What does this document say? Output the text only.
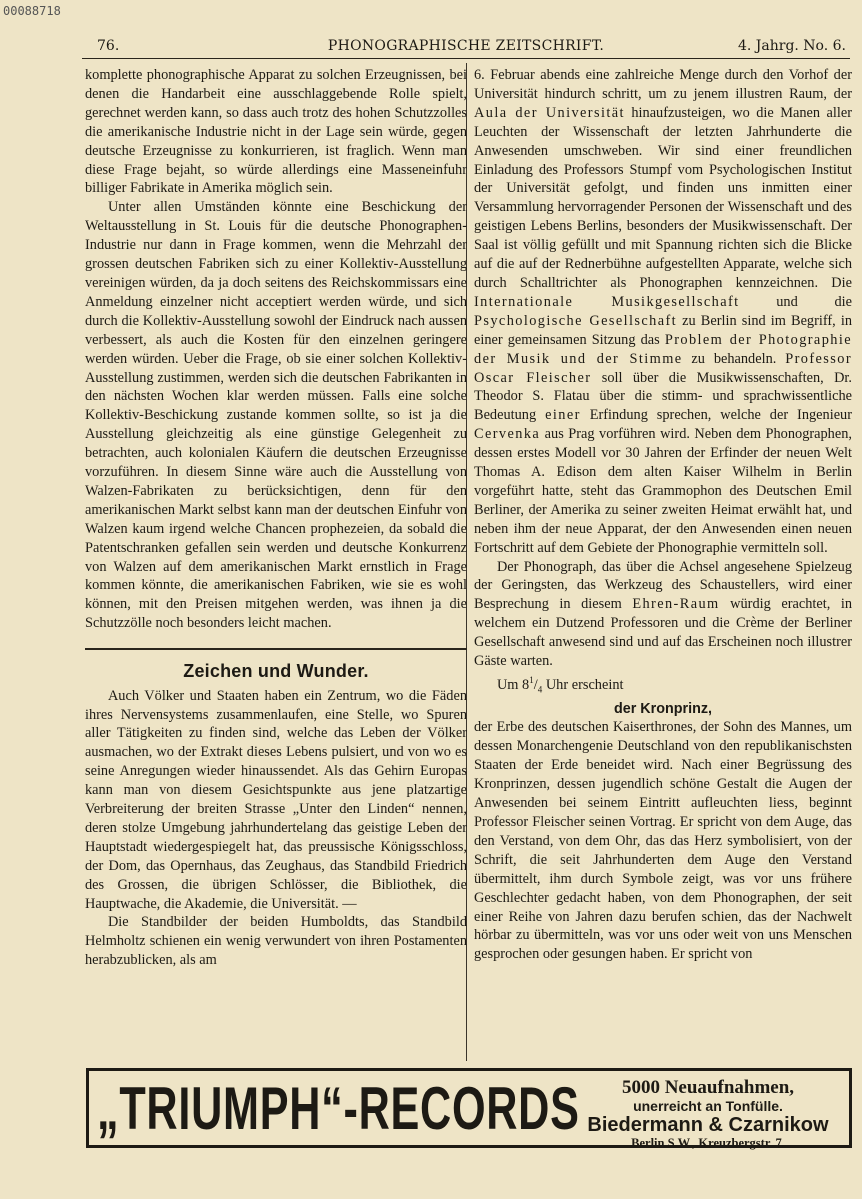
00088718
76.	PHONOGRAPHISCHE ZEITSCHRIFT.	4. Jahrg. No. 6.

komplette phonographische Apparat zu solchen Erzeugnissen, bei denen die Handarbeit eine ausschlaggebende Rolle spielt, gerechnet werden kann, so dass auch trotz des hohen Schutzzolles die amerikanische Industrie nicht in der Lage sein würde, gegen deutsche Erzeugnisse zu konkurrieren, ist fraglich. Wenn man diese Frage bejaht, so würde allerdings eine Masseneinfuhr billiger Fabrikate in Amerika möglich sein.

Unter allen Umständen könnte eine Beschickung der Weltausstellung in St. Louis für die deutsche Phonographen-Industrie nur dann in Frage kommen, wenn die Mehrzahl der grossen deutschen Fabriken sich zu einer Kollektiv-Ausstellung vereinigen würden, da ja doch seitens des Reichskommissars eine Anmeldung einzelner nicht acceptiert werden würde, und sich durch die Kollektiv-Ausstellung sowohl der Eindruck nach aussen verbessert, als auch die Kosten für den einzelnen geringere werden würden. Ueber die Frage, ob sie einer solchen Kollektiv-Ausstellung zustimmen, werden sich die deutschen Fabrikanten in den nächsten Wochen klar werden müssen. Falls eine solche Kollektiv-Beschickung zustande kommen sollte, so ist ja die Ausstellung gleichzeitig als eine günstige Gelegenheit zu betrachten, auch kolonialen Käufern die deutschen Erzeugnisse vorzuführen. In diesem Sinne wäre auch die Ausstellung von Walzen-Fabrikaten zu berücksichtigen, denn für den amerikanischen Markt selbst kann man der deutschen Einfuhr von Walzen kaum irgend welche Chancen prophezeien, da sobald die Patentschranken gefallen sein werden und deutsche Konkurrenz von Walzen auf dem amerikanischen Markt ernstlich in Frage kommen könnte, die amerikanischen Fabriken, wie sie es wohl können, mit den Preisen mitgehen werden, was ihnen ja die Schutzzölle noch besonders leicht machen.

Zeichen und Wunder.

Auch Völker und Staaten haben ein Zentrum, wo die Fäden ihres Nervensystems zusammenlaufen, eine Stelle, wo Spuren aller Tätigkeiten zu finden sind, welche das Leben der Völker ausmachen, wo der Extrakt dieses Lebens pulsiert, und von wo es seine Anregungen wieder hinaussendet. Als das Gehirn Europas kann man von diesem Gesichtspunkte aus jene platzartige Verbreiterung der breiten Strasse „Unter den Linden“ nennen, deren stolze Umgebung jahrhundertelang das geistige Leben der Hauptstadt wiedergespiegelt hat, das preussische Königsschloss, der Dom, das Opernhaus, das Zeughaus, das Standbild Friedrich des Grossen, die übrigen Schlösser, die Bibliothek, die Hauptwache, die Akademie, die Universität. —

Die Standbilder der beiden Humboldts, das Standbild Helmholtz schienen ein wenig verwundert von ihren Postamenten herabzublicken, als am

6. Februar abends eine zahlreiche Menge durch den Vorhof der Universität hindurch schritt, um zu jenem illustren Raum, der Aula der Universität hinaufzusteigen, wo die Manen aller Leuchten der Wissenschaft der letzten Jahrhunderte die Anwesenden umschweben. Wir sind einer freundlichen Einladung des Professors Stumpf vom Psychologischen Institut der Universität gefolgt, und finden uns inmitten einer Versammlung hervorragender Personen der Wissenschaft und des geistigen Lebens Berlins, besonders der Musikwissenschaft. Der Saal ist völlig gefüllt und mit Spannung richten sich die Blicke auf die auf der Rednerbühne aufgestellten Apparate, welche sich durch Schalltrichter als Phonographen kennzeichnen. Die Internationale Musikgesellschaft	und die Psychologische Gesellschaft zu Berlin sind im Begriff, in einer gemeinsamen Sitzung das Problem der Photographie der Musik und der Stimme zu behandeln. Professor Oscar Fleischer soll über die Musikwissenschaften, Dr. Theodor S. Flatau über die stimm- und sprachwissentliche Bedeutung einer Erfindung sprechen, welche der Ingenieur Cervenka aus Prag vorführen wird. Neben dem Phonographen, dessen erstes Modell vor 30 Jahren der Erfinder der neuen Welt Thomas A. Edison dem alten Kaiser Wilhelm in Berlin vorgeführt hatte, steht das Grammophon des Deutschen Emil Berliner, der Amerika zu seiner zweiten Heimat erwählt hat, und neben ihm der neue Apparat, der den Anwesenden einen neuen Fortschritt auf dem Gebiete der Phonographie vermitteln soll.

Der Phonograph, das über die Achsel angesehene Spielzeug der Geringsten, das Werkzeug des Schaustellers, wird einer Besprechung in diesem Ehren-Raum würdig erachtet, in welchem ein Dutzend Professoren und die Crème der Berliner Gesellschaft anwesend sind und auf das Erscheinen noch illustrer Gäste warten.

Um $8^1/_4$ Uhr erscheint

der Kronprinz,

der Erbe des deutschen Kaiserthrones, der Sohn des Mannes, um dessen Monarchengenie Deutschland von den republikanischsten Staaten der Erde beneidet wird. Nach einer Begrüssung des Kronprinzen, dessen jugendlich schöne Gestalt die Augen der Anwesenden bei seinem Eintritt aufleuchten liess, beginnt Professor Fleischer seinen Vortrag. Er spricht von dem Auge, das den Verstand, von dem Ohr, das das Herz symbolisiert, von der Schrift, die seit Jahrhunderten dem Auge den Verstand übermittelt, ihm durch Symbole zeigt, was vor uns frühere Geschlechter gedacht haben, von dem Phonographen, der seit einer Reihe von Jahren dazu berufen schien, das der Nachwelt hörbar zu übermitteln, was vor uns oder weit von uns Menschen gesprochen oder gesungen haben. Er spricht von

„TRIUMPH“-RECORDS	5000 Neuaufnahmen,
unerreicht an Tonfülle.
Biedermann & Czarnikow
Berlin S.W., Kreuzbergstr. 7.
